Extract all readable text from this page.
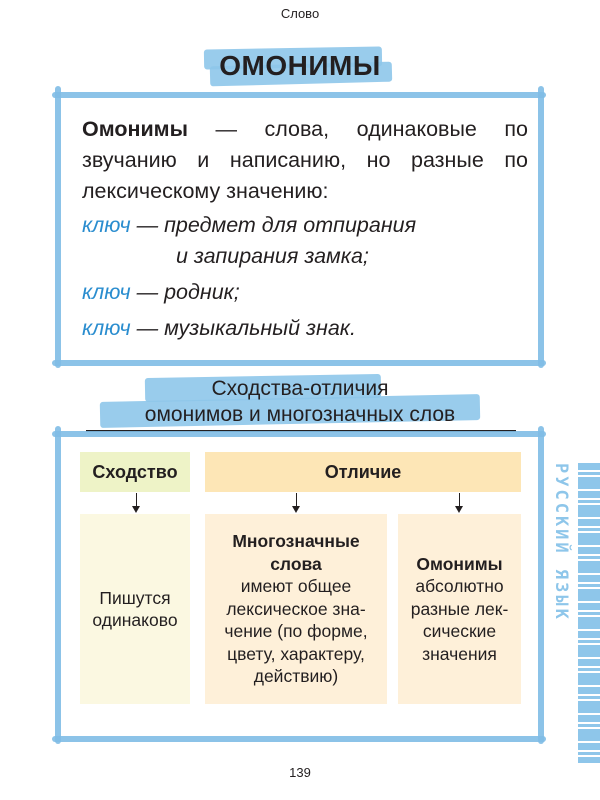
Слово
ОМОНИМЫ
Омонимы — слова, одинаковые по звучанию и написанию, но разные по лексическому значению:
ключ — предмет для отпирания
и запирания замка;
ключ — родник;
ключ — музыкальный знак.
Сходства-отличия
омонимов и многозначных слов
Сходство	Отличие
Пишутся одинаково
Многозначные
слова
имеют общее
лексическое зна-
чение (по форме,
цвету, характеру,
действию)
Омонимы
абсолютно
разные лек-
сические
значения
РУССКИЙ ЯЗЫК
139
